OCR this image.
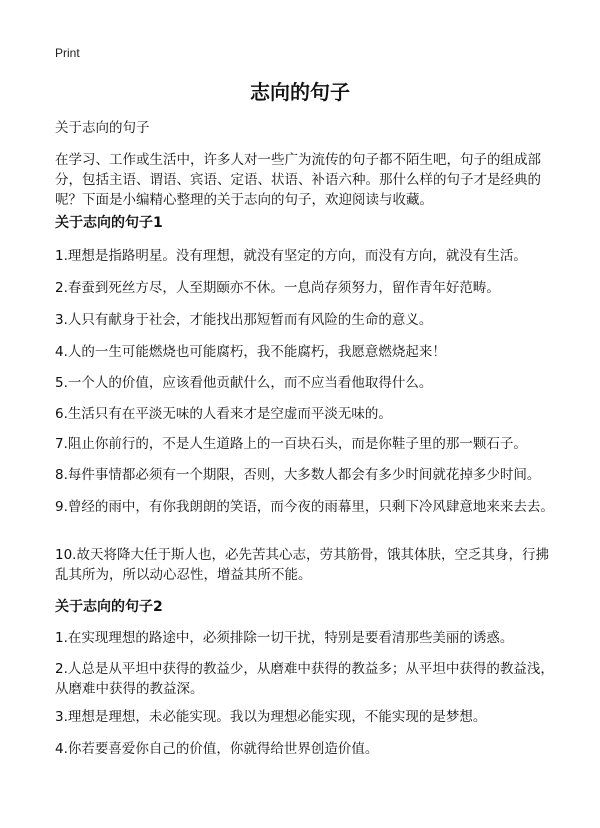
Print
志向的句子

关于志向的句子

在学习、工作或生活中，许多人对一些广为流传的句子都不陌生吧，句子的组成部分，包括主语、谓语、宾语、定语、状语、补语六种。那什么样的句子才是经典的呢？下面是小编精心整理的关于志向的句子，欢迎阅读与收藏。

关于志向的句子1

1.理想是指路明星。没有理想，就没有坚定的方向，而没有方向，就没有生活。

2.春蚕到死丝方尽，人至期颐亦不休。一息尚存须努力，留作青年好范畴。

3.人只有献身于社会，才能找出那短暂而有风险的生命的意义。

4.人的一生可能燃烧也可能腐朽，我不能腐朽，我愿意燃烧起来！

5.一个人的价值，应该看他贡献什么，而不应当看他取得什么。

6.生活只有在平淡无味的人看来才是空虚而平淡无味的。

7.阻止你前行的，不是人生道路上的一百块石头，而是你鞋子里的那一颗石子。

8.每件事情都必须有一个期限，否则，大多数人都会有多少时间就花掉多少时间。

9.曾经的雨中，有你我朗朗的笑语，而今夜的雨幕里，只剩下冷风肆意地来来去去。

10.故天将降大任于斯人也，必先苦其心志，劳其筋骨，饿其体肤，空乏其身，行拂乱其所为，所以动心忍性，增益其所不能。

关于志向的句子2

1.在实现理想的路途中，必须排除一切干扰，特别是要看清那些美丽的诱惑。

2.人总是从平坦中获得的教益少，从磨难中获得的教益多；从平坦中获得的教益浅，从磨难中获得的教益深。

3.理想是理想，未必能实现。我以为理想必能实现，不能实现的是梦想。

4.你若要喜爱你自己的价值，你就得给世界创造价值。
